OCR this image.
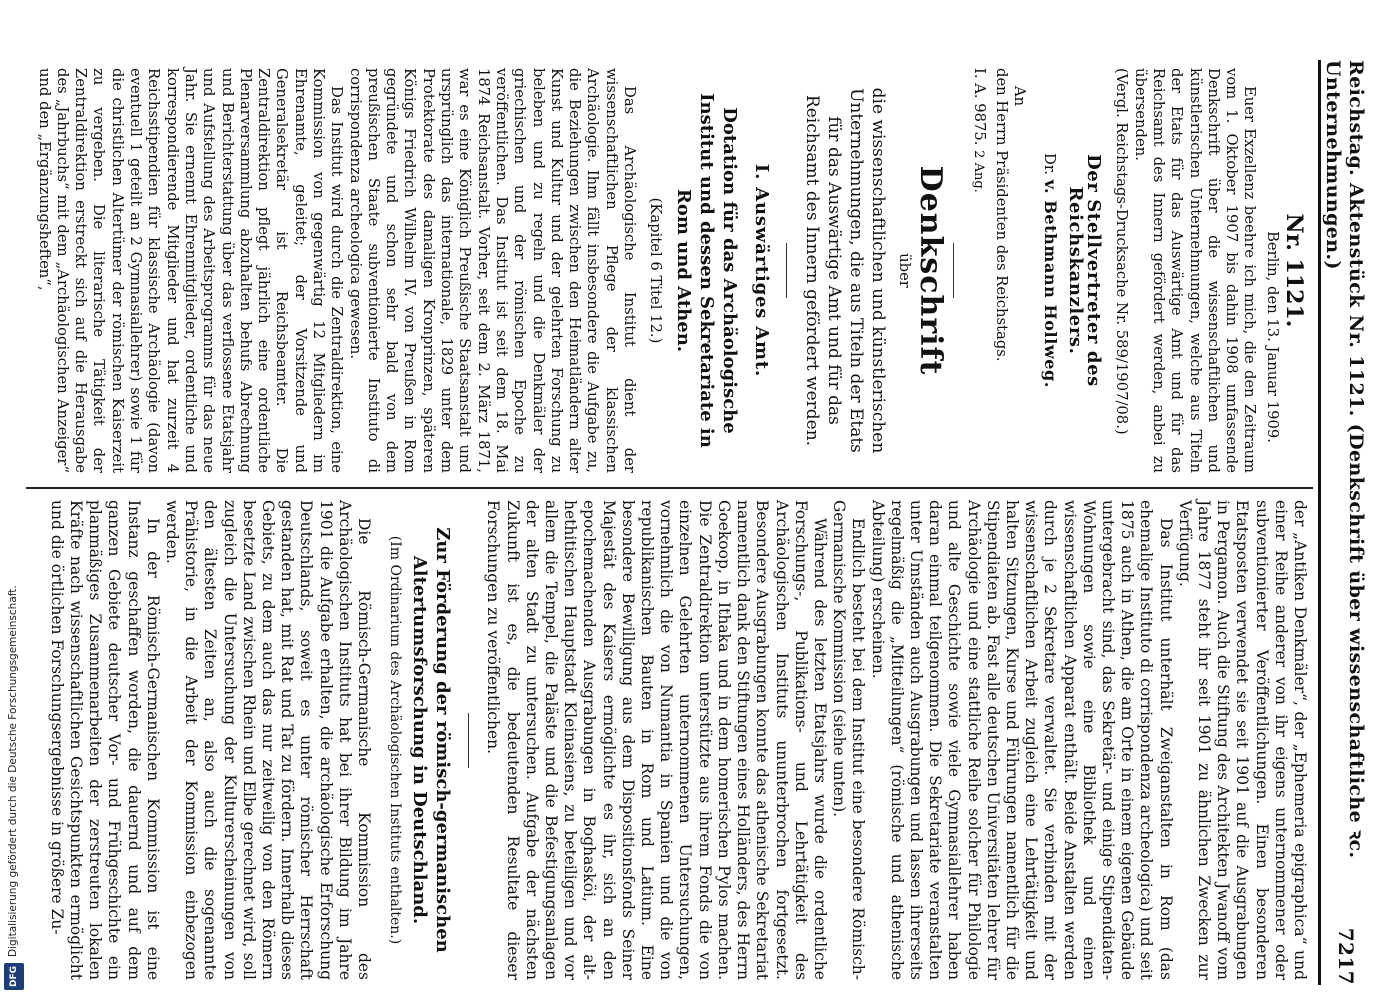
Reichstag. Aktenstück Nr. 1121. (Denkschrift über wissenschaftliche ꝛc. Unternehmungen.)
7217
Nr. 1121.
Berlin, den 13. Januar 1909.

Euer Exzellenz beehre ich mich, die den Zeitraum vom 1. Oktober 1907 bis dahin 1908 umfassende Denkschrift über die wissenschaftlichen und künstlerischen Unternehmungen, welche aus Titeln der Etats für das Auswärtige Amt und für das Reichsamt des Innern gefördert werden, anbei zu übersenden.

(Vergl. Reichstags-Drucksache Nr. 589/1907/08.)

Der Stellvertreter des Reichskanzlers.
Dr. v. Bethmann Hollweg.
An
den Herrn Präsidenten des Reichstags.
I. A. 9875. 2 Ang.
Denkschrift
über
die wissenschaftlichen und künstlerischen Unternehmungen, die aus Titeln der Etats für das Auswärtige Amt und für das Reichsamt des Innern gefördert werden.
I. Auswärtiges Amt.
Dotation für das Archäologische Institut und dessen Sekretariate in Rom und Athen.
(Kapitel 6 Titel 12.)

Das Archäologische Institut dient der wissenschaftlichen Pflege der klassischen Archäologie. Ihm fällt insbesondere die Aufgabe zu, die Beziehungen zwischen den Heimatländern alter Kunst und Kultur und der gelehrten Forschung zu beleben und zu regeln und die Denkmäler der griechischen und der römischen Epoche zu veröffentlichen. Das Institut ist seit dem 18. Mai 1874 Reichsanstalt. Vorher, seit dem 2. März 1871, war es eine Königlich Preußische Staatsanstalt und ursprünglich das internationale, 1829 unter dem Protektorate des damaligen Kronprinzen, späteren Königs Friedrich Wilhelm IV. von Preußen in Rom gegründete und schon sehr bald von dem preußischen Staate subventionierte Instituto di corrispondenza archeologica gewesen.

Das Institut wird durch die Zentraldirektion, eine Kommission von gegenwärtig 12 Mitgliedern im Ehrenamte, geleitet; der Vorsitzende und Generalsekretär ist Reichsbeamter. Die Zentraldirektion pflegt jährlich eine ordentliche Plenarversammlung abzuhalten behufs Abrechnung und Berichterstattung über das verflossene Etatsjahr und Aufstellung des Arbeitsprogramms für das neue Jahr. Sie ernennt Ehrenmitglieder, ordentliche und korrespondierende Mitglieder und hat zurzeit 4 Reichsstipendien für klassische Archäologie (davon eventuell 1 geteilt an 2 Gymnasiallehrer) sowie 1 für die christlichen Altertümer der römischen Kaiserzeit zu vergeben. Die literarische Tätigkeit der Zentraldirektion erstreckt sich auf die Herausgabe des „Jahrbuchs“ mit dem „Archäologischen Anzeiger“ und den „Ergänzungsheften“,

der „Antiken Denkmäler“, der „Ephemeria epigraphica“ und einer Reihe anderer von ihr eigens unternommener oder subventionierter Veröffentlichungen. Einen besonderen Etatsposten verwendet sie seit 1901 auf die Ausgrabungen in Pergamon. Auch die Stiftung des Architekten Jwanoff vom Jahre 1877 steht ihr seit 1901 zu ähnlichen Zwecken zur Verfügung.

Das Institut unterhält Zweiganstalten in Rom (das ehemalige Instituto di corrispondenza archeologica) und seit 1875 auch in Athen, die am Orte in einem eigenen Gebäude untergebracht sind, das Sekretär- und einige Stipendiaten-Wohnungen sowie eine Bibliothek und einen wissenschaftlichen Apparat enthält. Beide Anstalten werden durch je 2 Sekretare verwaltet. Sie verbinden mit der wissenschaftlichen Arbeit zugleich eine Lehrtätigkeit und halten Sitzungen, Kurse und Führungen namentlich für die Stipendiaten ab. Fast alle deutschen Universitäten lehrer für Archäologie und eine stattliche Reihe solcher für Philologie und alte Geschichte sowie viele Gymnasiallehrer haben daran einmal teilgenommen. Die Sekretariate veranstalten unter Umständen auch Ausgrabungen und lassen ihrerseits regelmäßig die „Mitteilungen“ (römische und athenische Abteilung) erscheinen.

Endlich besteht bei dem Institut eine besondere Römisch-Germanische Kommission (siehe unten).

Während des letzten Etatsjahrs wurde die ordentliche Forschungs-, Publikations- und Lehrtätigkeit des Archäologischen Instituts ununterbrochen fortgesetzt. Besondere Ausgrabungen konnte das athenische Sekretariat namentlich dank den Stiftungen eines Holländers, des Herrn Goekoop, in Ithaka und in dem homerischen Pylos machen. Die Zentraldirektion unterstützte aus ihrem Fonds die von einzelnen Gelehrten unternommenen Untersuchungen, vornehmlich die von Numantia in Spanien und die von republikanischen Bauten in Rom und Latium. Eine besondere Bewilligung aus dem Dispositionsfonds Seiner Majestät des Kaisers ermöglichte es ihr, sich an den epochemachenden Ausgrabungen in Boghasköi, der alt-hethitischen Hauptstadt Kleinasiens, zu beteiligen und vor allem die Tempel, die Paläste und die Befestigungsanlagen der alten Stadt zu untersuchen. Aufgabe der nächsten Zukunft ist es, die bedeutenden Resultate dieser Forschungen zu veröffentlichen.

Zur Förderung der römisch-germanischen Altertumsforschung in Deutschland.
(Im Ordinarium des Archäologischen Instituts enthalten.)

Die Römisch-Germanische Kommission des Archäologischen Instituts hat bei ihrer Bildung im Jahre 1901 die Aufgabe erhalten, die archäologische Erforschung Deutschlands, soweit es unter römischer Herrschaft gestanden hat, mit Rat und Tat zu fördern. Innerhalb dieses Gebiets, zu dem auch das nur zeitweilig von den Römern besetzte Land zwischen Rhein und Elbe gerechnet wird, soll zugleich die Untersuchung der Kulturerscheinungen von den ältesten Zeiten an, also auch die sogenannte Prähistorie, in die Arbeit der Kommission einbezogen werden.

In der Römisch-Germanischen Kommission ist eine Instanz geschaffen worden, die dauernd und auf dem ganzen Gebiete deutscher Vor- und Frühgeschichte ein planmäßiges Zusammenarbeiten der zerstreuten lokalen Kräfte nach wissenschaftlichen Gesichtspunkten ermöglicht und die örtlichen Forschungsergebnisse in größere Zu-

DFGDigitalisierung gefördert durch die Deutsche Forschungsgemeinschaft.
